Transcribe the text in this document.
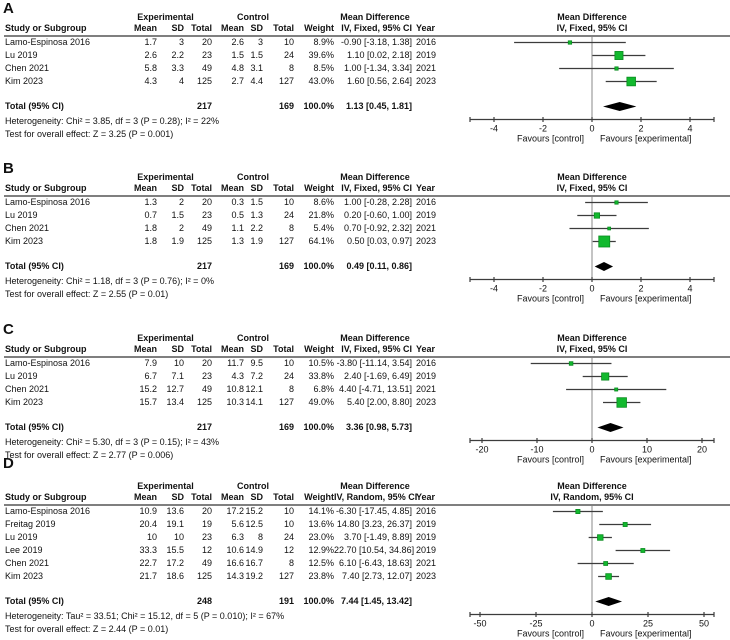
A	Experimental	Control	Mean Difference
Study or Subgroup	Mean	SD Total Mean SD	Total	Weight IV, Fixed, 95% CI Year
Lamo-Espinosa 2016	1.7	3	20	2.6	3	10	8.9% -0.90 [-3.18, 1.38] 2016
Lu 2019	2.6	2.2	23	1.5 1.5	24	39.6%	1.10 [0.02, 2.18] 2019
Chen 2021	5.8	3.3	49	4.8 3.1	8	8.5%	1.00 [-1.34, 3.34] 2021
Kim 2023	4.3	4	125	2.7 4.4	127	43.0%	1.60 [0.56, 2.64] 2023
Total (95% CI)	217	169	100.0%	1.13 [0.45, 1.81]
Heterogeneity: Chi² = 3.85, df = 3 (P = 0.28); I² = 22%
Test for overall effect: Z = 3.25 (P = 0.001)
Mean Difference
IV, Fixed, 95% CI
-4	-2	0	2	4
Favours [control] Favours [experimental]
B	Experimental	Control	Mean Difference
Study or Subgroup	Mean	SD Total Mean SD	Total	Weight IV, Fixed, 95% CI Year
Lamo-Espinosa 2016	1.3	2	20	0.3 1.5	10	8.6%	1.00 [-0.28, 2.28] 2016
Lu 2019	0.7	1.5	23	0.5 1.3	24	21.8%	0.20 [-0.60, 1.00] 2019
Chen 2021	1.8	2	49	1.1 2.2	8	5.4%	0.70 [-0.92, 2.32] 2021
Kim 2023	1.8	1.9	125	1.3 1.9	127	64.1%	0.50 [0.03, 0.97] 2023
Total (95% CI)	217	169	100.0%	0.49 [0.11, 0.86]
Heterogeneity: Chi² = 1.18, df = 3 (P = 0.76); I² = 0%
Test for overall effect: Z = 2.55 (P = 0.01)
Mean Difference
IV, Fixed, 95% CI
-4	-2	0	2	4
Favours [control] Favours [experimental]
C	Experimental	Control	Mean Difference
Study or Subgroup	Mean	SD Total Mean SD	Total	Weight IV, Fixed, 95% CI Year
Lamo-Espinosa 2016	7.9	10	20	11.7 9.5	10	10.5% -3.80 [-11.14, 3.54] 2016
Lu 2019	6.7	7.1	23	4.3 7.2	24	33.8%	2.40 [-1.69, 6.49] 2019
Chen 2021	15.2	12.7	49	10.8 12.1	8	6.8% 4.40 [-4.71, 13.51] 2021
Kim 2023	15.7	13.4	125	10.3 14.1	127	49.0%	5.40 [2.00, 8.80] 2023
Total (95% CI)	217	169	100.0%	3.36 [0.98, 5.73]
Heterogeneity: Chi² = 5.30, df = 3 (P = 0.15); I² = 43%
Test for overall effect: Z = 2.77 (P = 0.006)
Mean Difference
IV, Fixed, 95% CI
-20	-10	0	10	20
Favours [control] Favours [experimental]
D
Experimental	Control	Mean Difference
Study or Subgroup	Mean	SD Total Mean SD	Total	Weight IV, Random, 95% CI
Year
Lamo-Espinosa 2016	10.9	13.6	20	17.2 15.2	10	14.1% -6.30 [-17.45, 4.85] 2016
Freitag 2019	20.4	19.1	19	5.6 12.5	10	13.6% 14.80 [3.23, 26.37] 2019
Lu 2019	10	10	23	6.3	8	24	23.0%	3.70 [-1.49, 8.89] 2019
Lee 2019	33.3	15.5	12	10.6 14.9	12	12.9% 22.70 [10.54, 34.86] 2019
Chen 2021	22.7	17.2	49	16.6 16.7	8	12.5% 6.10 [-6.43, 18.63] 2021
Kim 2023	21.7	18.6	125	14.3 19.2	127	23.8% 7.40 [2.73, 12.07] 2023
Total (95% CI)	248	191	100.0% 7.44 [1.45, 13.42]
Heterogeneity: Tau² = 33.51; Chi² = 15.12, df = 5 (P = 0.010); I² = 67%
Test for overall effect: Z = 2.44 (P = 0.01)
Mean Difference
IV, Random, 95% CI
-50	-25	0	25	50
Favours [control] Favours [experimental]
